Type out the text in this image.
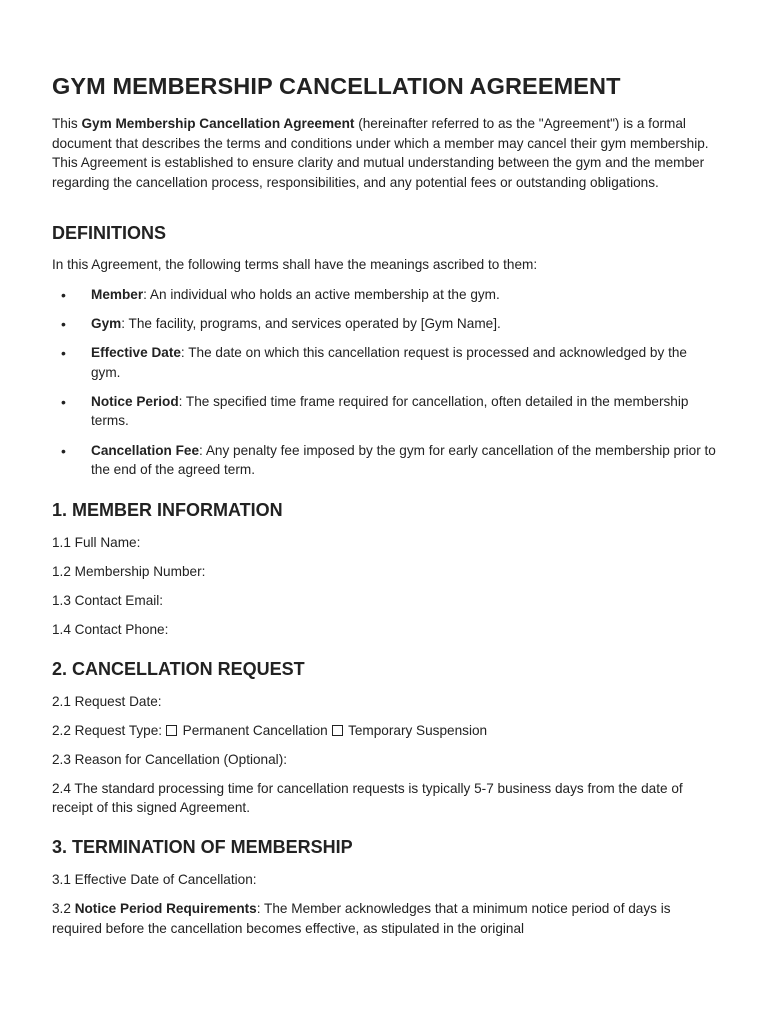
GYM MEMBERSHIP CANCELLATION AGREEMENT

This Gym Membership Cancellation Agreement (hereinafter referred to as the "Agreement") is a formal document that describes the terms and conditions under which a member may cancel their gym membership. This Agreement is established to ensure clarity and mutual understanding between the gym and the member regarding the cancellation process, responsibilities, and any potential fees or outstanding obligations.

DEFINITIONS

In this Agreement, the following terms shall have the meanings ascribed to them:

• Member: An individual who holds an active membership at the gym.
• Gym: The facility, programs, and services operated by [Gym Name].
• Effective Date: The date on which this cancellation request is processed and acknowledged by the gym.
• Notice Period: The specified time frame required for cancellation, often detailed in the membership terms.
• Cancellation Fee: Any penalty fee imposed by the gym for early cancellation of the membership prior to the end of the agreed term.
1. MEMBER INFORMATION

1.1 Full Name:

1.2 Membership Number:

1.3 Contact Email:

1.4 Contact Phone:

2. CANCELLATION REQUEST

2.1 Request Date:

2.2 Request Type: Permanent Cancellation Temporary Suspension

2.3 Reason for Cancellation (Optional):

2.4 The standard processing time for cancellation requests is typically 5-7 business days from the date of receipt of this signed Agreement.

3. TERMINATION OF MEMBERSHIP

3.1 Effective Date of Cancellation:

3.2 Notice Period Requirements: The Member acknowledges that a minimum notice period of days is required before the cancellation becomes effective, as stipulated in the original
